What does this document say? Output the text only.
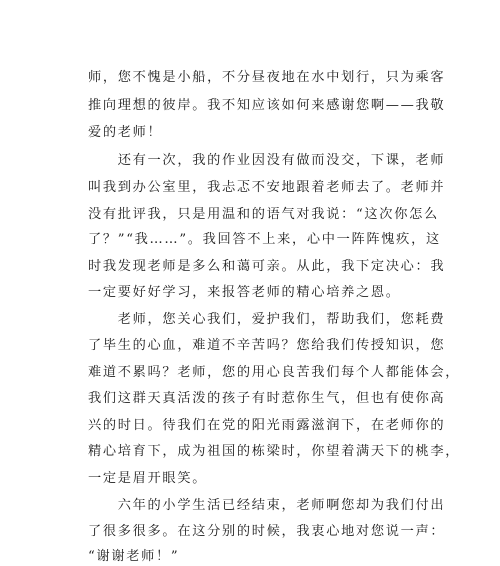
师，您不愧是小船，不分昼夜地在水中划行，只为乘客
推向理想的彼岸。我不知应该如何来感谢您啊——我敬
爱的老师！
　　还有一次，我的作业因没有做而没交，下课，老师
叫我到办公室里，我忐忑不安地跟着老师去了。老师并
没有批评我，只是用温和的语气对我说：“这次你怎么
了？”“我……”。我回答不上来，心中一阵阵愧疚，这
时我发现老师是多么和蔼可亲。从此，我下定决心：我
一定要好好学习，来报答老师的精心培养之恩。
　　老师，您关心我们，爱护我们，帮助我们，您耗费
了毕生的心血，难道不辛苦吗？您给我们传授知识，您
难道不累吗？老师，您的用心良苦我们每个人都能体会，
我们这群天真活泼的孩子有时惹你生气，但也有使你高
兴的时日。待我们在党的阳光雨露滋润下，在老师你的
精心培育下，成为祖国的栋梁时，你望着满天下的桃李，
一定是眉开眼笑。
　　六年的小学生活已经结束，老师啊您却为我们付出
了很多很多。在这分别的时候，我衷心地对您说一声：
“谢谢老师！”
